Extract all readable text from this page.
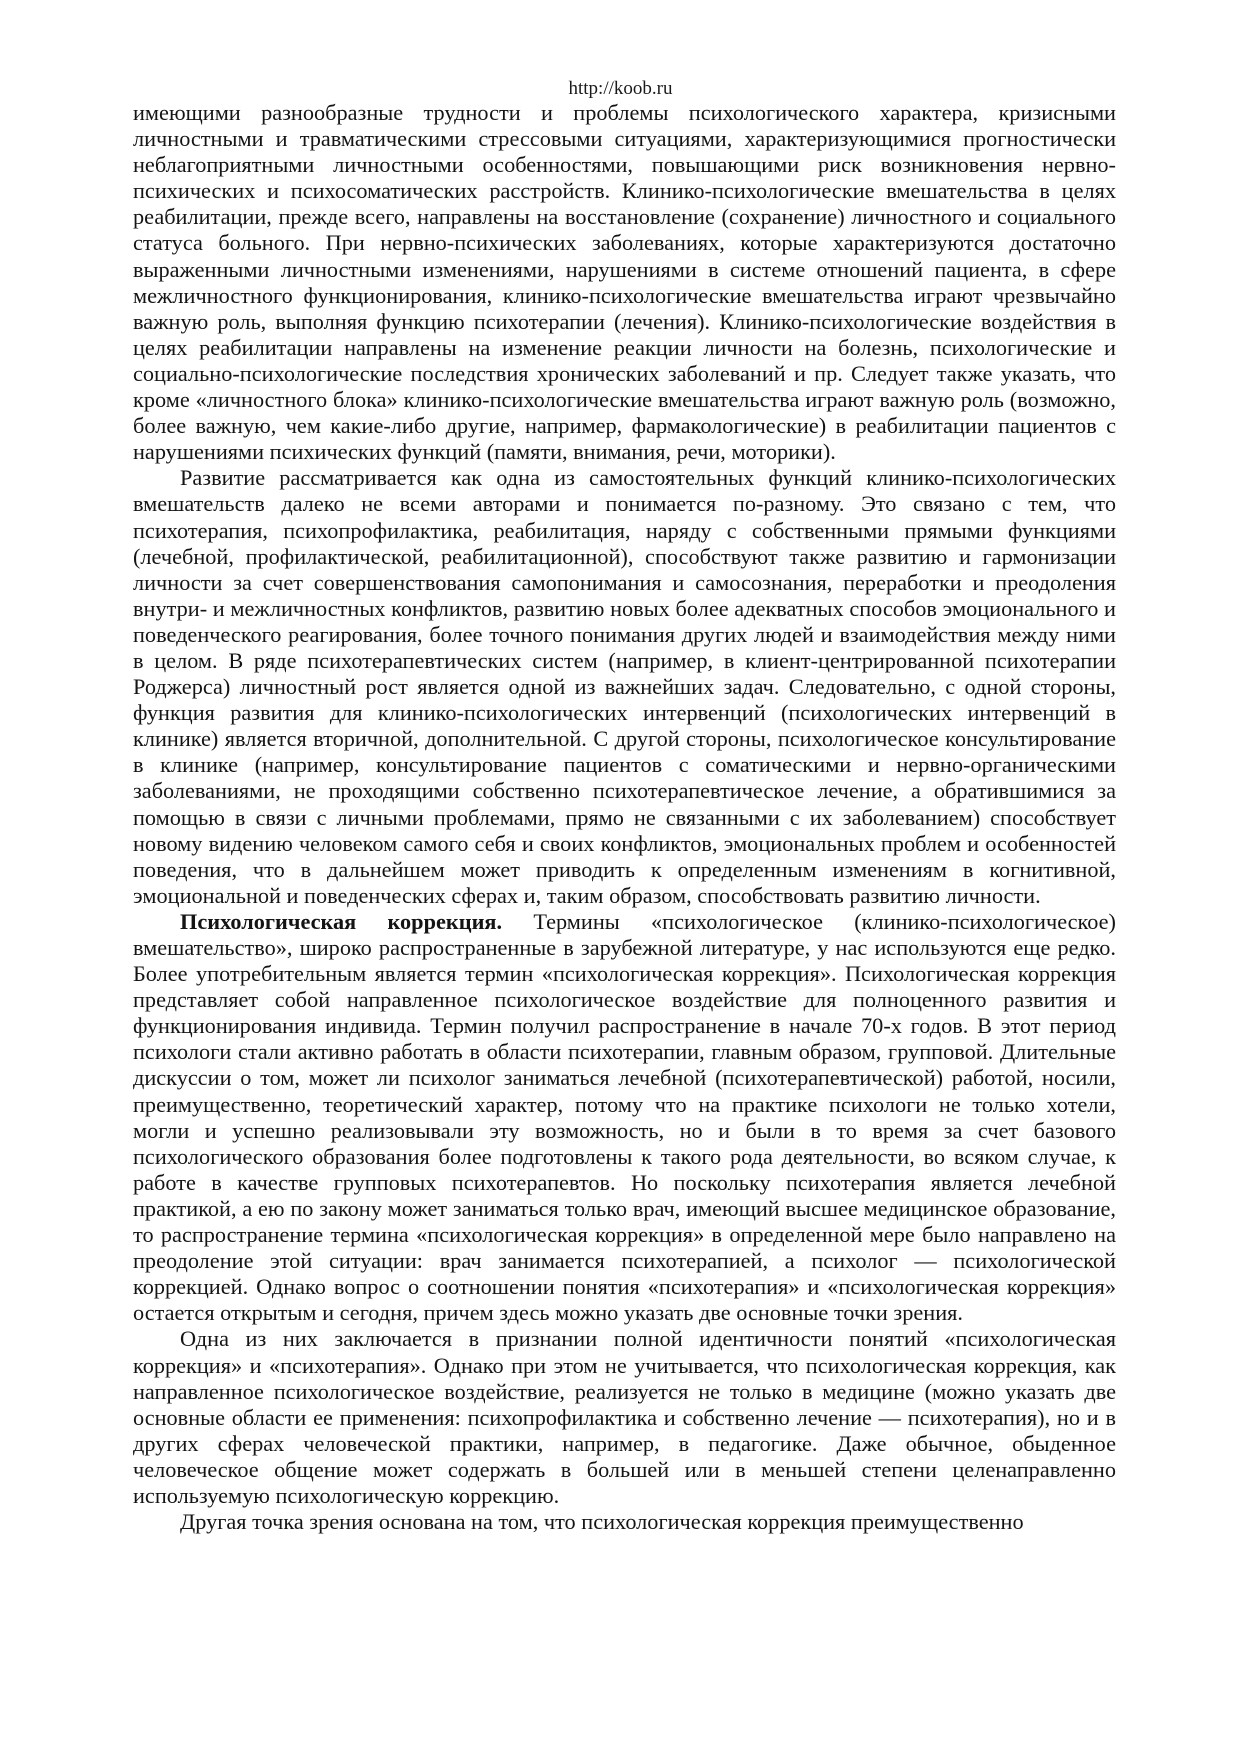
http://koob.ru

имеющими разнообразные трудности и проблемы психологического характера, кризисными личностными и травматическими стрессовыми ситуациями, характеризующимися прогностически неблагоприятными личностными особенностями, повышающими риск возникновения нервно-психических и психосоматических расстройств. Клинико-психологические вмешательства в целях реабилитации, прежде всего, направлены на восстановление (сохранение) личностного и социального статуса больного. При нервно-психических заболеваниях, которые характеризуются достаточно выраженными личностными изменениями, нарушениями в системе отношений пациента, в сфере межличностного функционирования, клинико-психологические вмешательства играют чрезвычайно важную роль, выполняя функцию психотерапии (лечения). Клинико-психологические воздействия в целях реабилитации направлены на изменение реакции личности на болезнь, психологические и социально-психологические последствия хронических заболеваний и пр. Следует также указать, что кроме «личностного блока» клинико-психологические вмешательства играют важную роль (возможно, более важную, чем какие-либо другие, например, фармакологические) в реабилитации пациентов с нарушениями психических функций (памяти, внимания, речи, моторики).

Развитие рассматривается как одна из самостоятельных функций клинико-психологических вмешательств далеко не всеми авторами и понимается по-разному. Это связано с тем, что психотерапия, психопрофилактика, реабилитация, наряду с собственными прямыми функциями (лечебной, профилактической, реабилитационной), способствуют также развитию и гармонизации личности за счет совершенствования самопонимания и самосознания, переработки и преодоления внутри- и межличностных конфликтов, развитию новых более адекватных способов эмоционального и поведенческого реагирования, более точного понимания других людей и взаимодействия между ними в целом. В ряде психотерапевтических систем (например, в клиент-центрированной психотерапии Роджерса) личностный рост является одной из важнейших задач. Следовательно, с одной стороны, функция развития для клинико-психологических интервенций (психологических интервенций в клинике) является вторичной, дополнительной. С другой стороны, психологическое консультирование в клинике (например, консультирование пациентов с соматическими и нервно-органическими заболеваниями, не проходящими собственно психотерапевтическое лечение, а обратившимися за помощью в связи с личными проблемами, прямо не связанными с их заболеванием) способствует новому видению человеком самого себя и своих конфликтов, эмоциональных проблем и особенностей поведения, что в дальнейшем может приводить к определенным изменениям в когнитивной, эмоциональной и поведенческих сферах и, таким образом, способствовать развитию личности.

Психологическая коррекция. Термины «психологическое (клинико-психологическое) вмешательство», широко распространенные в зарубежной литературе, у нас используются еще редко. Более употребительным является термин «психологическая коррекция». Психологическая коррекция представляет собой направленное психологическое воздействие для полноценного развития и функционирования индивида. Термин получил распространение в начале 70-х годов. В этот период психологи стали активно работать в области психотерапии, главным образом, групповой. Длительные дискуссии о том, может ли психолог заниматься лечебной (психотерапевтической) работой, носили, преимущественно, теоретический характер, потому что на практике психологи не только хотели, могли и успешно реализовывали эту возможность, но и были в то время за счет базового психологического образования более подготовлены к такого рода деятельности, во всяком случае, к работе в качестве групповых психотерапевтов. Но поскольку психотерапия является лечебной практикой, а ею по закону может заниматься только врач, имеющий высшее медицинское образование, то распространение термина «психологическая коррекция» в определенной мере было направлено на преодоление этой ситуации: врач занимается психотерапией, а психолог — психологической коррекцией. Однако вопрос о соотношении понятия «психотерапия» и «психологическая коррекция» остается открытым и сегодня, причем здесь можно указать две основные точки зрения.

Одна из них заключается в признании полной идентичности понятий «психологическая коррекция» и «психотерапия». Однако при этом не учитывается, что психологическая коррекция, как направленное психологическое воздействие, реализуется не только в медицине (можно указать две основные области ее применения: психопрофилактика и собственно лечение — психотерапия), но и в других сферах человеческой практики, например, в педагогике. Даже обычное, обыденное человеческое общение может содержать в большей или в меньшей степени целенаправленно используемую психологическую коррекцию.

Другая точка зрения основана на том, что психологическая коррекция преимущественно
